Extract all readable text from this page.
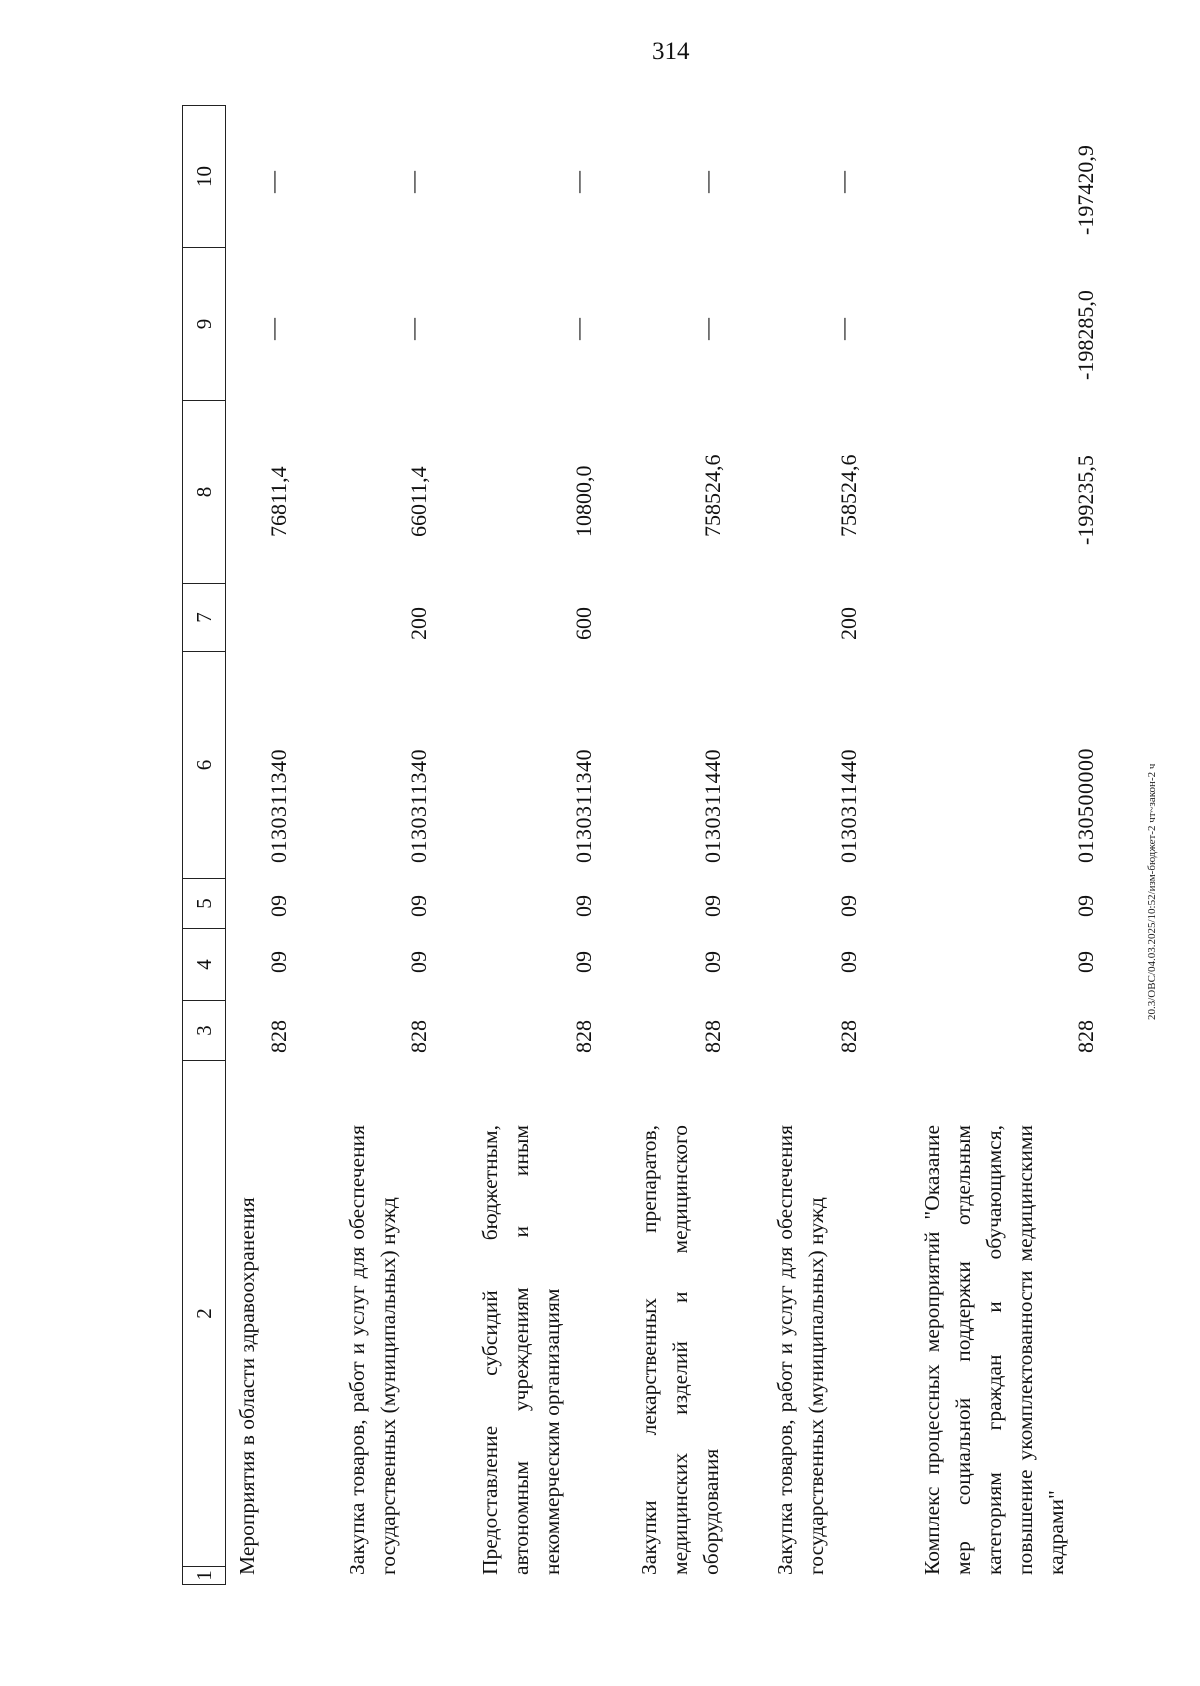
314
20.3/ОВС/04.03.2025/10:52/изм-бюджет-2 чт~закон-2 ч
1
2
3
4
5
6
7
8
9
10
Мероприятия в области здравоохранения
828
09
09
0130311340
76811,4
—
—
Закупка товаров, работ и услуг для обеспечения государственных (муниципальных) нужд
828
09
09
0130311340
200
66011,4
—
—
Предоставление субсидий бюджетным, автономным учреждениям и иным некоммерческим организациям
828
09
09
0130311340
600
10800,0
—
—
Закупки лекарственных препаратов, медицинских изделий и медицинского оборудования
828
09
09
0130311440
758524,6
—
—
Закупка товаров, работ и услуг для обеспечения государственных (муниципальных) нужд
828
09
09
0130311440
200
758524,6
—
—
Комплекс процессных мероприятий "Оказание мер социальной поддержки отдельным категориям граждан и обучающимся, повышение укомплектованности медицинскими кадрами"
828
09
09
0130500000
-199235,5
-198285,0
-197420,9
